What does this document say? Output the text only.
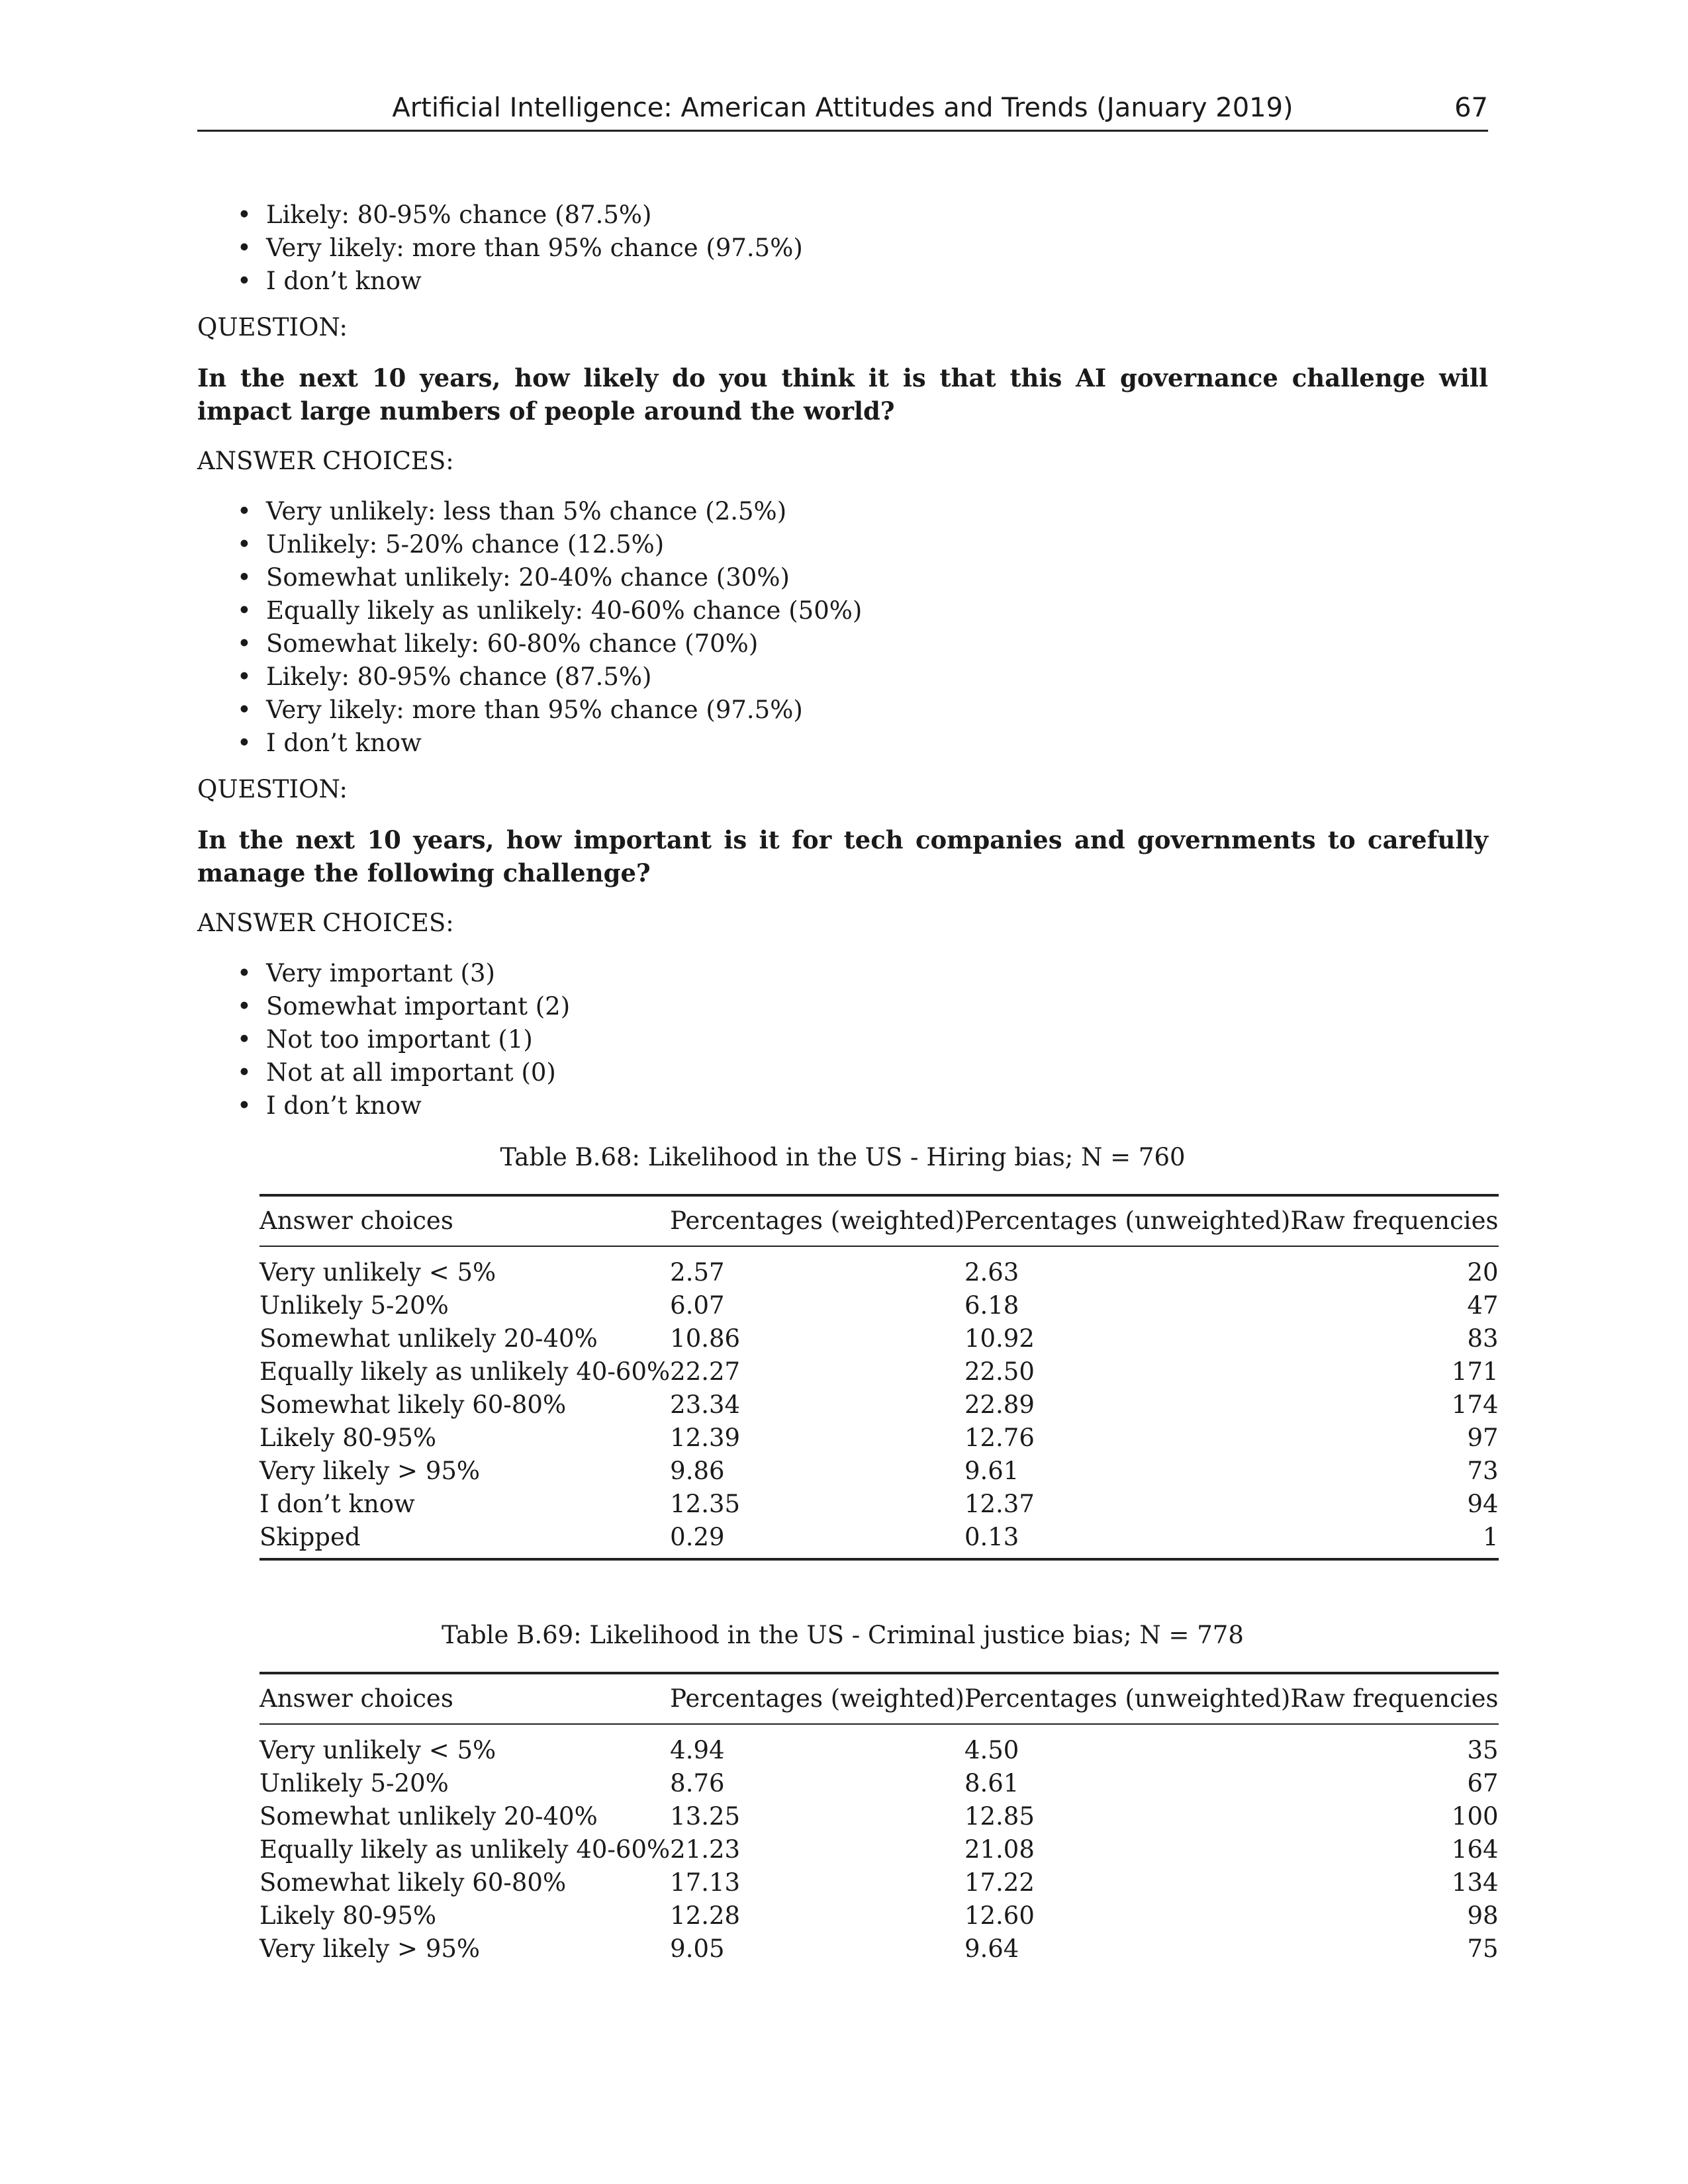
Artificial Intelligence: American Attitudes and Trends (January 2019)	67
• Likely: 80-95% chance (87.5%)
• Very likely: more than 95% chance (97.5%)
• I don’t know
QUESTION:
In the next 10 years, how likely do you think it is that this AI governance challenge will impact large numbers of people around the world?
ANSWER CHOICES:
• Very unlikely: less than 5% chance (2.5%)
• Unlikely: 5-20% chance (12.5%)
• Somewhat unlikely: 20-40% chance (30%)
• Equally likely as unlikely: 40-60% chance (50%)
• Somewhat likely: 60-80% chance (70%)
• Likely: 80-95% chance (87.5%)
• Very likely: more than 95% chance (97.5%)
• I don’t know
QUESTION:
In the next 10 years, how important is it for tech companies and governments to carefully manage the following challenge?
ANSWER CHOICES:
• Very important (3)
• Somewhat important (2)
• Not too important (1)
• Not at all important (0)
• I don’t know
Table B.68: Likelihood in the US - Hiring bias; N = 760
Answer choices	Percentages (weighted)	Percentages (unweighted)	Raw frequencies
Very unlikely < 5%	2.57	2.63	20
Unlikely 5-20%	6.07	6.18	47
Somewhat unlikely 20-40%	10.86	10.92	83
Equally likely as unlikely 40-60%	22.27	22.50	171
Somewhat likely 60-80%	23.34	22.89	174
Likely 80-95%	12.39	12.76	97
Very likely > 95%	9.86	9.61	73
I don’t know	12.35	12.37	94
Skipped	0.29	0.13	1
Table B.69: Likelihood in the US - Criminal justice bias; N = 778
Answer choices	Percentages (weighted)	Percentages (unweighted)	Raw frequencies
Very unlikely < 5%	4.94	4.50	35
Unlikely 5-20%	8.76	8.61	67
Somewhat unlikely 20-40%	13.25	12.85	100
Equally likely as unlikely 40-60%	21.23	21.08	164
Somewhat likely 60-80%	17.13	17.22	134
Likely 80-95%	12.28	12.60	98
Very likely > 95%	9.05	9.64	75
